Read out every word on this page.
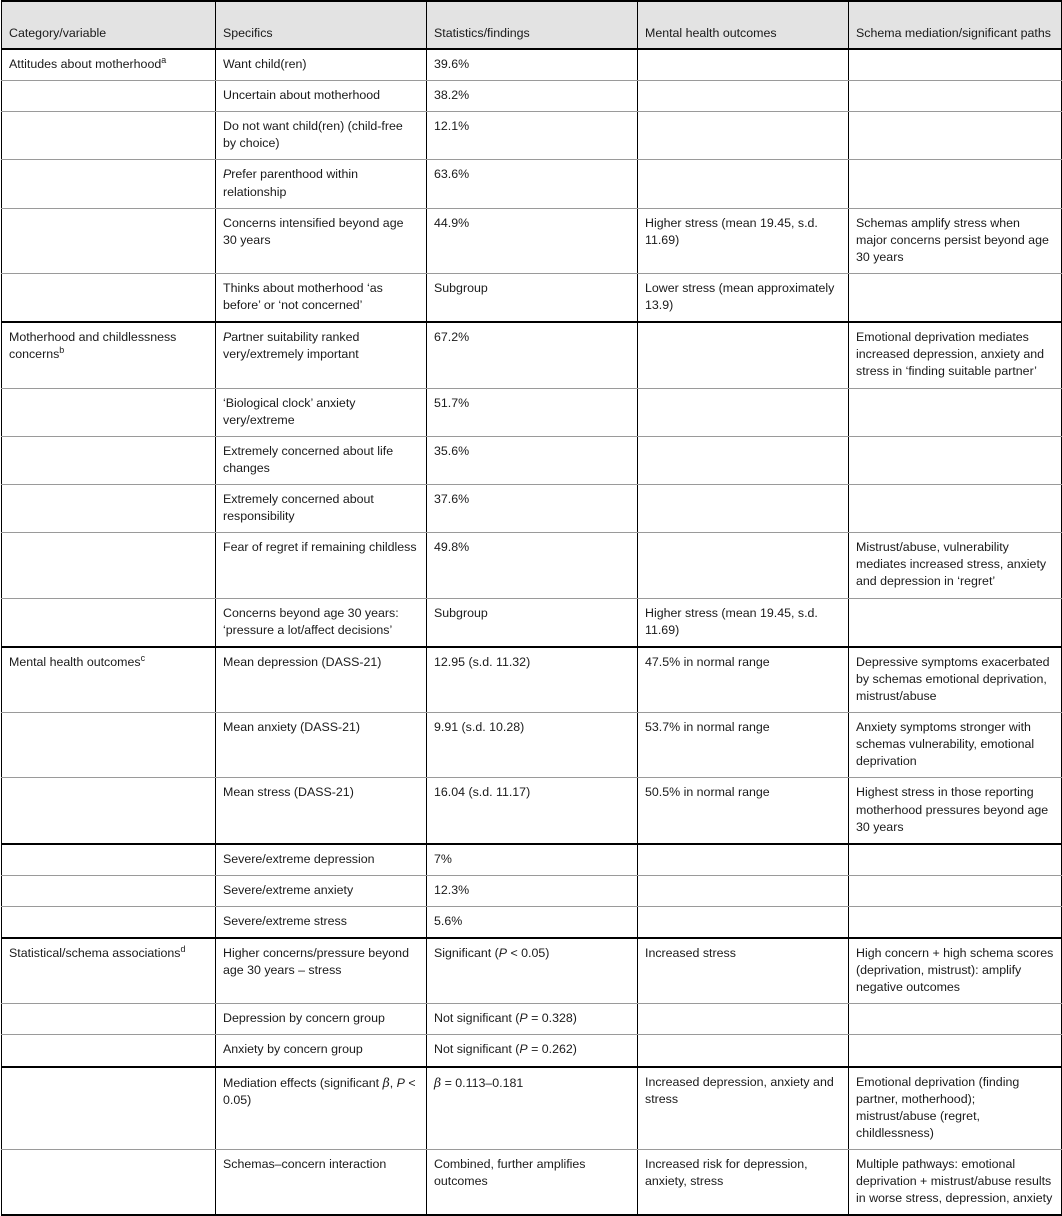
Category/variable	Specifics	Statistics/findings	Mental health outcomes	Schema mediation/significant paths
Attitudes about motherhood$^a$	Want child(ren)	39.6%		
	Uncertain about motherhood	38.2%		
	Do not want child(ren) (child-free by choice)	12.1%		
	Prefer parenthood within relationship	63.6%		
	Concerns intensified beyond age 30 years	44.9%	Higher stress (mean 19.45, s.d. 11.69)	Schemas amplify stress when major concerns persist beyond age 30 years
	Thinks about motherhood ‘as before’ or ‘not concerned’	Subgroup	Lower stress (mean approximately 13.9)	
Motherhood and childlessness concerns$^b$	Partner suitability ranked very/extremely important	67.2%		Emotional deprivation mediates increased depression, anxiety and stress in ‘finding suitable partner’
	‘Biological clock’ anxiety very/extreme	51.7%		
	Extremely concerned about life changes	35.6%		
	Extremely concerned about responsibility	37.6%		
	Fear of regret if remaining childless	49.8%		Mistrust/abuse, vulnerability mediates increased stress, anxiety and depression in ‘regret’
	Concerns beyond age 30 years: ‘pressure a lot/affect decisions’	Subgroup	Higher stress (mean 19.45, s.d. 11.69)	
Mental health outcomes$^c$	Mean depression (DASS-21)	12.95 (s.d. 11.32)	47.5% in normal range	Depressive symptoms exacerbated by schemas emotional deprivation, mistrust/abuse
	Mean anxiety (DASS-21)	9.91 (s.d. 10.28)	53.7% in normal range	Anxiety symptoms stronger with schemas vulnerability, emotional deprivation
	Mean stress (DASS-21)	16.04 (s.d. 11.17)	50.5% in normal range	Highest stress in those reporting motherhood pressures beyond age 30 years
	Severe/extreme depression	7%		
	Severe/extreme anxiety	12.3%		
	Severe/extreme stress	5.6%		
Statistical/schema associations$^d$	Higher concerns/pressure beyond age 30 years – stress	Significant (P < 0.05)	Increased stress	High concern + high schema scores (deprivation, mistrust): amplify negative outcomes
	Depression by concern group	Not significant (P = 0.328)		
	Anxiety by concern group	Not significant (P = 0.262)		
	Mediation effects (significant β, P < 0.05)	β = 0.113–0.181	Increased depression, anxiety and stress	Emotional deprivation (finding partner, motherhood); mistrust/abuse (regret, childlessness)
	Schemas–concern interaction	Combined, further amplifies outcomes	Increased risk for depression, anxiety, stress	Multiple pathways: emotional deprivation + mistrust/abuse results in worse stress, depression, anxiety
